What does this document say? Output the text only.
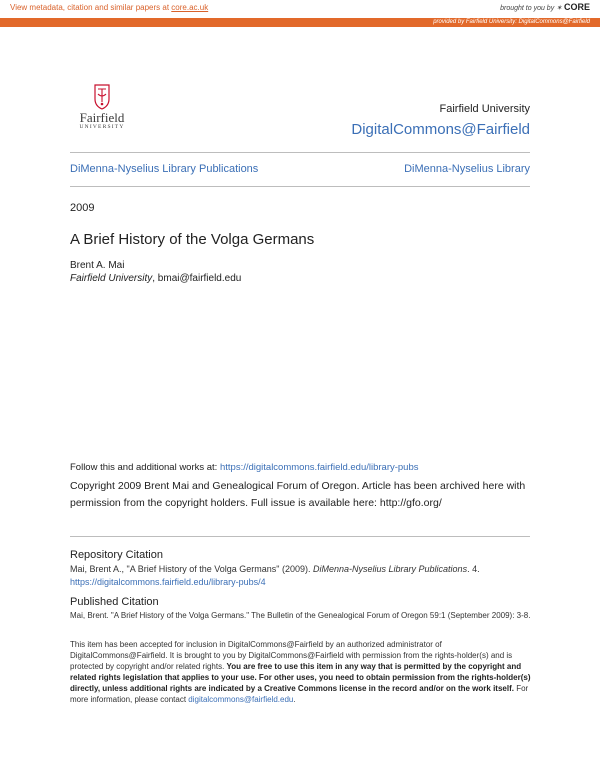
View metadata, citation and similar papers at core.ac.uk	brought to you by ✶ CORE
provided by Fairfield University: DigitalCommons@Fairfield
Fairfield
UNIVERSITY
Fairfield University
DigitalCommons@Fairfield
DiMenna-Nyselius Library Publications	DiMenna-Nyselius Library
2009
A Brief History of the Volga Germans
Brent A. Mai
Fairfield University, bmai@fairfield.edu
Follow this and additional works at: https://digitalcommons.fairfield.edu/library-pubs
Copyright 2009 Brent Mai and Genealogical Forum of Oregon. Article has been archived here with permission from the copyright holders. Full issue is available here: http://gfo.org/
Repository Citation
Mai, Brent A., "A Brief History of the Volga Germans" (2009). DiMenna-Nyselius Library Publications. 4.
https://digitalcommons.fairfield.edu/library-pubs/4
Published Citation
Mai, Brent. "A Brief History of the Volga Germans." The Bulletin of the Genealogical Forum of Oregon 59:1 (September 2009): 3-8.
This item has been accepted for inclusion in DigitalCommons@Fairfield by an authorized administrator of DigitalCommons@Fairfield. It is brought to you by DigitalCommons@Fairfield with permission from the rights-holder(s) and is protected by copyright and/or related rights. You are free to use this item in any way that is permitted by the copyright and related rights legislation that applies to your use. For other uses, you need to obtain permission from the rights-holder(s) directly, unless additional rights are indicated by a Creative Commons license in the record and/or on the work itself. For more information, please contact digitalcommons@fairfield.edu.
